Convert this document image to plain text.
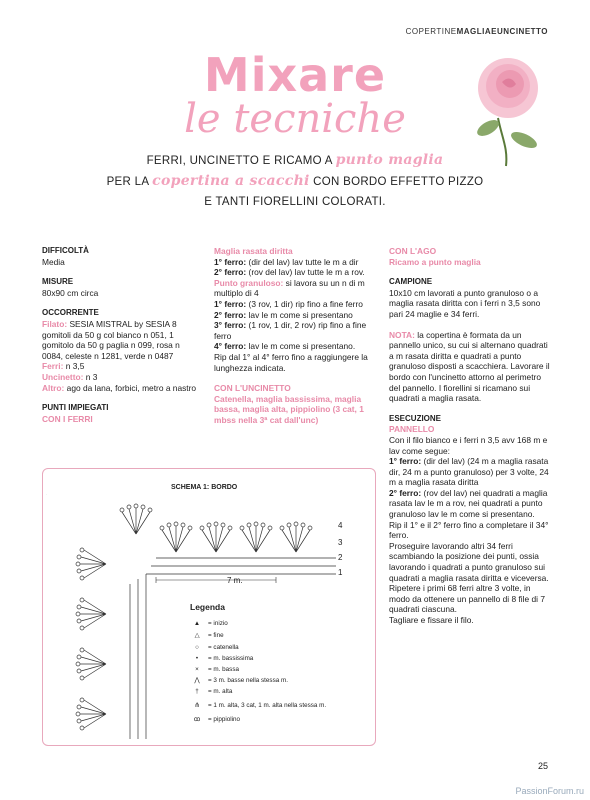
COPERTINEMAGLIAEUNCINETTO
Mixare
le tecniche
FERRI, UNCINETTO E RICAMO A punto maglia
PER LA copertina a scacchi CON BORDO EFFETTO PIZZO
E TANTI FIORELLINI COLORATI.

DIFFICOLTÀ

Media

MISURE

80x90 cm circa

OCCORRENTE

Filato: SESIA MISTRAL by SESIA 8 gomitoli da 50 g col bianco n 051, 1 gomitolo da 50 g paglia n 099, rosa n 0084, celeste n 1281, verde n 0487

Ferri: n 3,5

Uncinetto: n 3

Altro: ago da lana, forbici, metro a nastro

PUNTI IMPIEGATI

CON I FERRI

Maglia rasata diritta

1° ferro: (dir del lav) lav tutte le m a dir

2° ferro: (rov del lav) lav tutte le m a rov.

Punto granuloso: si lavora su un n di m multiplo di 4

1° ferro: (3 rov, 1 dir) rip fino a fine ferro

2° ferro: lav le m come si presentano

3° ferro: (1 rov, 1 dir, 2 rov) rip fino a fine ferro

4° ferro: lav le m come si presentano.

Rip dal 1° al 4° ferro fino a raggiungere la lunghezza indicata.

CON L'UNCINETTO

Catenella, maglia bassissima, maglia bassa, maglia alta, pippiolino (3 cat, 1 mbss nella 3ª cat dall'unc)

CON L'AGO

Ricamo a punto maglia

CAMPIONE

10x10 cm lavorati a punto granuloso o a maglia rasata diritta con i ferri n 3,5 sono pari 24 maglie e 34 ferri.

NOTA: la copertina è formata da un pannello unico, su cui si alternano quadrati a m rasata diritta e quadrati a punto granuloso disposti a scacchiera. Lavorare il bordo con l'uncinetto attorno al perimetro del pannello. I fiorellini si ricamano sui quadrati a maglia rasata.

ESECUZIONE

PANNELLO

Con il filo bianco e i ferri n 3,5 avv 168 m e lav come segue:

1° ferro: (dir del lav) (24 m a maglia rasata dir, 24 m a punto granuloso) per 3 volte, 24 m a maglia rasata diritta

2° ferro: (rov del lav) nei quadrati a maglia rasata lav le m a rov, nei quadrati a punto granuloso lav le m come si presentano.

Rip il 1° e il 2° ferro fino a completare il 34° ferro.

Proseguire lavorando altri 34 ferri scambiando la posizione dei punti, ossia lavorando i quadrati a punto granuloso sui quadrati a maglia rasata diritta e viceversa.

Ripetere i primi 68 ferri altre 3 volte, in modo da ottenere un pannello di 8 file di 7 quadrati ciascuna.

Tagliare e fissare il filo.

SCHEMA 1: BORDO
4
3
2
1
7 m.
Legenda
▲ = inizio
△ = fine
○ = catenella
• = m. bassissima
× = m. bassa
⋀ = 3 m. basse nella stessa m.
† = m. alta
⋔ = 1 m. alta, 3 cat, 1 m. alta nella stessa m.
ꝏ = pippiolino
25
PassionForum.ru
